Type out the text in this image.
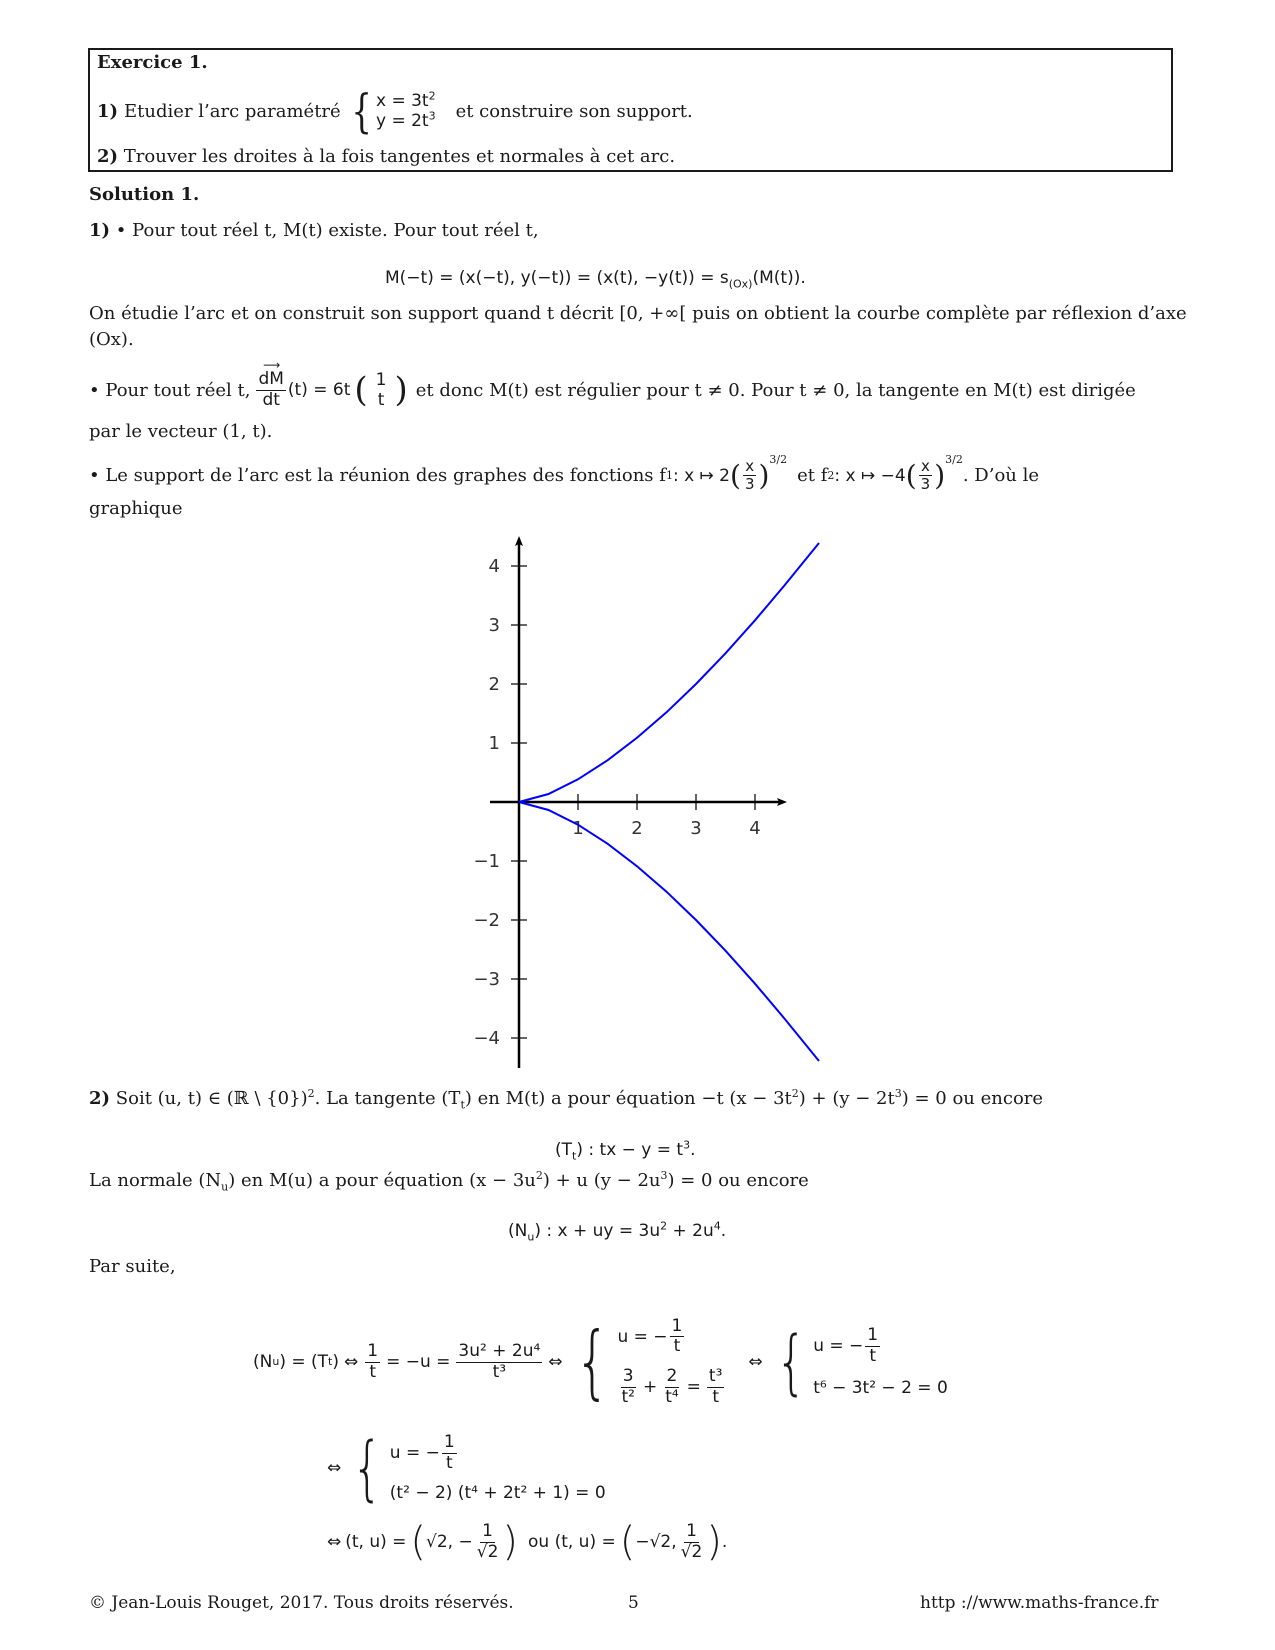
Exercice 1.
1) Etudier l’arc paramétré { $x = 3t^2$
$y = 2t^3$ et construire son support.
2) Trouver les droites à la fois tangentes et normales à cet arc.
Solution 1.
1) • Pour tout réel t, M(t) existe. Pour tout réel t,
M(−t) = (x(−t), y(−t)) = (x(t), $-y(t)) = s_{(Ox)}(M(t))$.
On étudie l’arc et on construit son support quand t décrit [0, +∞[ puis on obtient la courbe complète par réflexion d’axe
(Ox).
• Pour tout réel t, ⟶
dM
dt (t) = 6t ( 1
t ) et donc M(t) est régulier pour t ≠ 0. Pour t ≠ 0, la tangente en M(t) est dirigée
par le vecteur (1, t).
• Le support de l’arc est la réunion des graphes des fonctions f 1 : x ↦ 2 ( $\frac{x}{3}$ ) 3/2
et f 2 : x ↦ −4 ( $\frac{x}{3}$ ) 3/2
. D’où le
graphique
1	2	3	4
4
3
2
1
−1
−2
−3
−4
2) Soit (u, t) ∈ (ℝ \ {0})$^2$. La tangente $(T_t)$ en M(t) a pour équation −t $(x - 3t^2) + (y - 2t^3) = 0$ ou encore
$(T_t)$ : tx − $y = t^3$.
La normale $(N_u)$ en M(u) a pour équation $(x - 3u^2) + u$ $(y - 2u^3) = 0$ ou encore
$(N_u)$ : x + uy = $3u^2 + 2u^4$.
Par suite,
(N u ) = (T t ) ⇔ $\frac{1}{t} = -u = \frac{\text{3u² + 2u⁴}}{\text{t³}}$ ⇔ { u = − $\frac{1}{t}$
$\frac{3}{\text{t²}} + \frac{2}{\text{t⁴}} = \frac{\text{t³}}{t}$
⇔ { u = − $\frac{1}{t}$
t⁶ − 3t² − 2 = 0
⇔ { u = − $\frac{1}{t}$
(t² − 2) (t⁴ + 2t² + 1) = 0
⇔ (t, u) = ( √2, − $\frac{1}{√2}$ ) ou (t, u) = ( −√2, $\frac{1}{√2}$ ) .
© Jean-Louis Rouget, 2017. Tous droits réservés.	5	http ://www.maths-france.fr
